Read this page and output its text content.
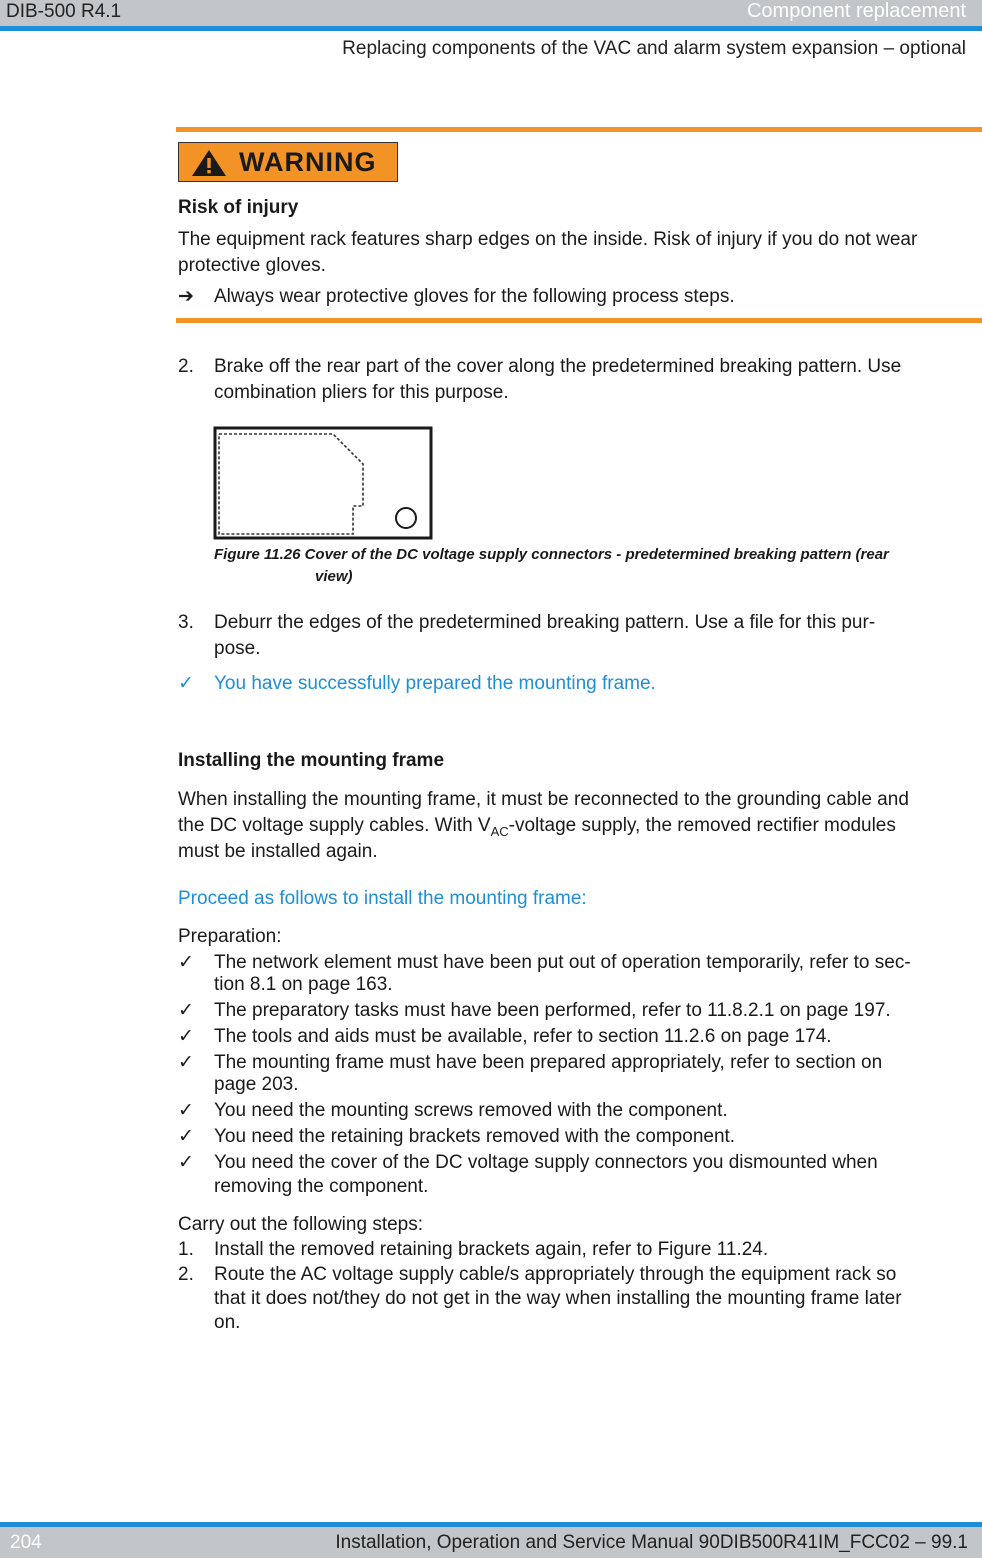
DIB-500 R4.1	Component replacement
Replacing components of the VAC and alarm system expansion – optional
WARNING
Risk of injury
The equipment rack features sharp edges on the inside. Risk of injury if you do not wear
protective gloves.
➔ Always wear protective gloves for the following process steps.
2. Brake off the rear part of the cover along the predetermined breaking pattern. Use
combination pliers for this purpose.
Figure 11.26 Cover of the DC voltage supply connectors - predetermined breaking pattern (rear
view)
3. Deburr the edges of the predetermined breaking pattern. Use a file for this pur-
pose.
✓ You have successfully prepared the mounting frame.
Installing the mounting frame
When installing the mounting frame, it must be reconnected to the grounding cable and
the DC voltage supply cables. With $V_{AC}$-voltage supply, the removed rectifier modules
must be installed again.
Proceed as follows to install the mounting frame:
Preparation:
✓ The network element must have been put out of operation temporarily, refer to sec-
tion 8.1 on page 163.
✓ The preparatory tasks must have been performed, refer to 11.8.2.1 on page 197.
✓ The tools and aids must be available, refer to section 11.2.6 on page 174.
✓ The mounting frame must have been prepared appropriately, refer to section on
page 203.
✓ You need the mounting screws removed with the component.
✓ You need the retaining brackets removed with the component.
✓ You need the cover of the DC voltage supply connectors you dismounted when
removing the component.
Carry out the following steps:
1. Install the removed retaining brackets again, refer to Figure 11.24.
2. Route the AC voltage supply cable/s appropriately through the equipment rack so
that it does not/they do not get in the way when installing the mounting frame later
on.
204	Installation, Operation and Service Manual 90DIB500R41IM_FCC02 – 99.1
